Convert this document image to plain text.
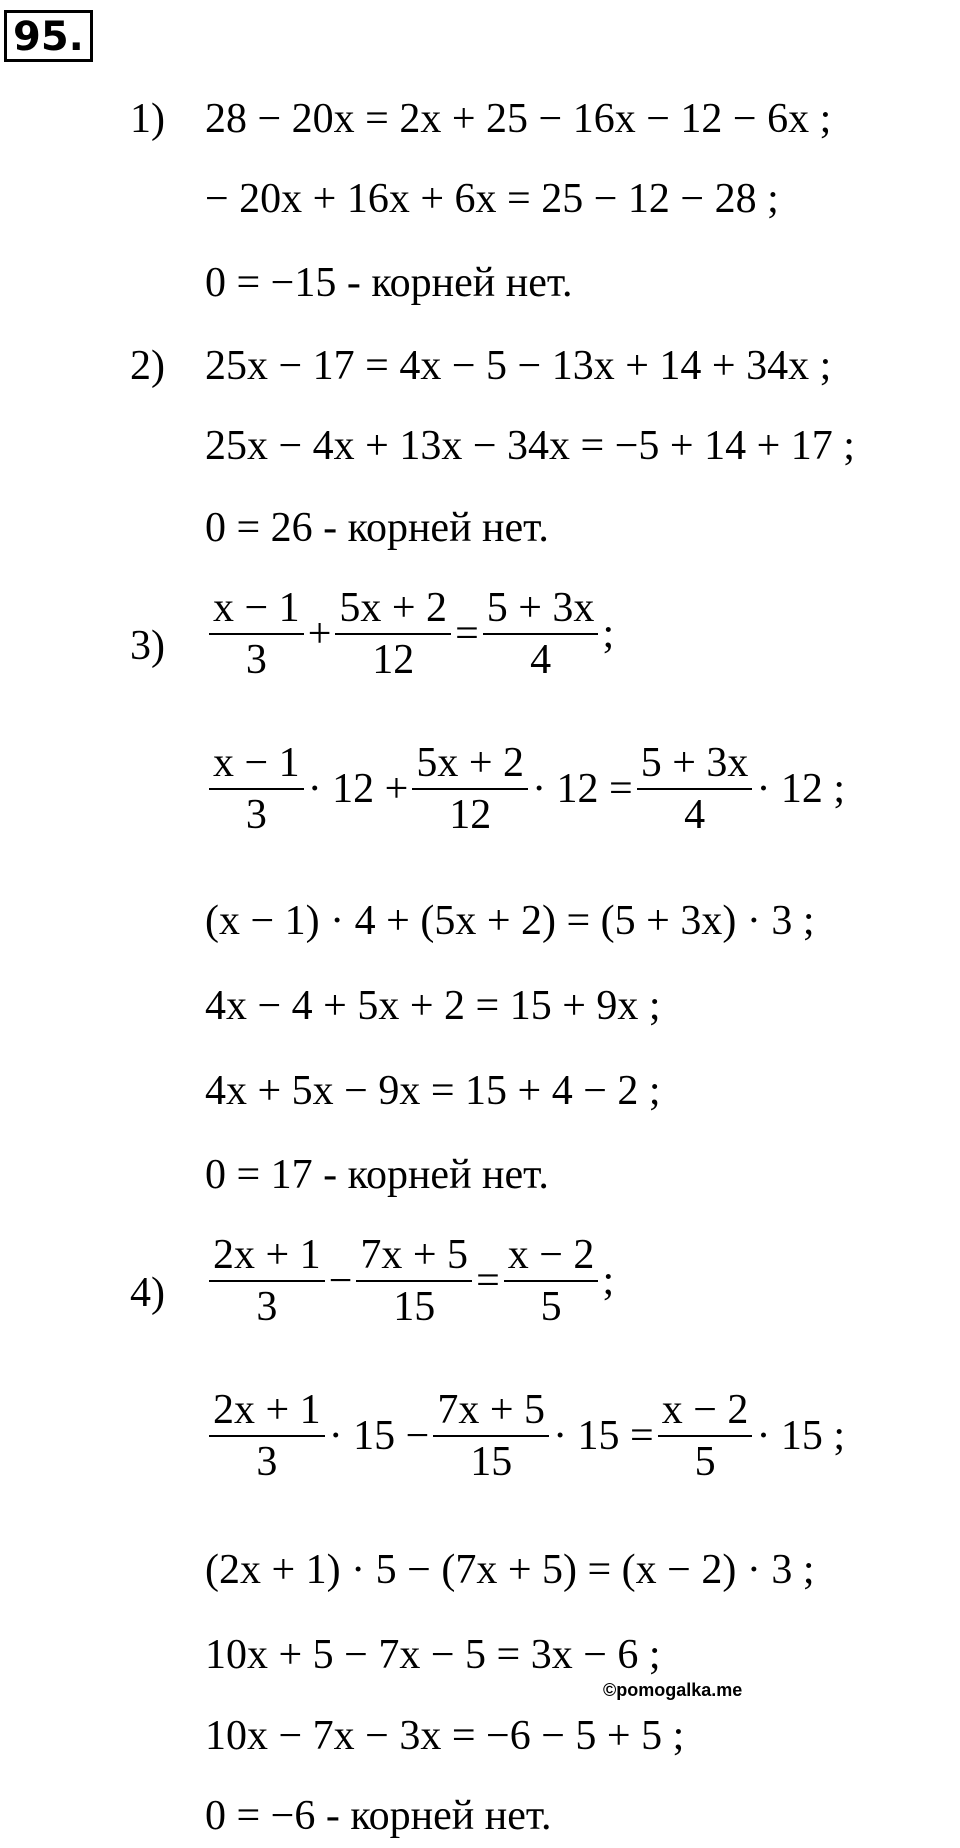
95.
1) 28 − 20x = 2x + 25 − 16x − 12 − 6x ;
− 20x + 16x + 6x = 25 − 12 − 28 ;
0 = −15 - корней нет.
2) 25x − 17 = 4x − 5 − 13x + 14 + 34x ;
25x − 4x + 13x − 34x = −5 + 14 + 17 ;
0 = 26 - корней нет.
$3) \frac{x - 1}{3} + \frac{5x + 2}{12} = \frac{5 + 3x}{4}$ ;
$\frac{x - 1}{3} \cdot 12 + \frac{5x + 2}{12} \cdot 12 = \frac{5 + 3x}{4} \cdot 12$ ;
(x − 1) · 4 + (5x + 2) = (5 + 3x) · 3 ;
4x − 4 + 5x + 2 = 15 + 9x ;
4x + 5x − 9x = 15 + 4 − 2 ;
0 = 17 - корней нет.
$4) \frac{2x + 1}{3} - \frac{7x + 5}{15} = \frac{x - 2}{5}$ ;
$\frac{2x + 1}{3} \cdot 15 - \frac{7x + 5}{15} \cdot 15 = \frac{x - 2}{5} \cdot 15$ ;
(2x + 1) · 5 − (7x + 5) = (x − 2) · 3 ;
10x + 5 − 7x − 5 = 3x − 6 ;
10x − 7x − 3x = −6 − 5 + 5 ;
0 = −6 - корней нет.
©pomogalka.me
